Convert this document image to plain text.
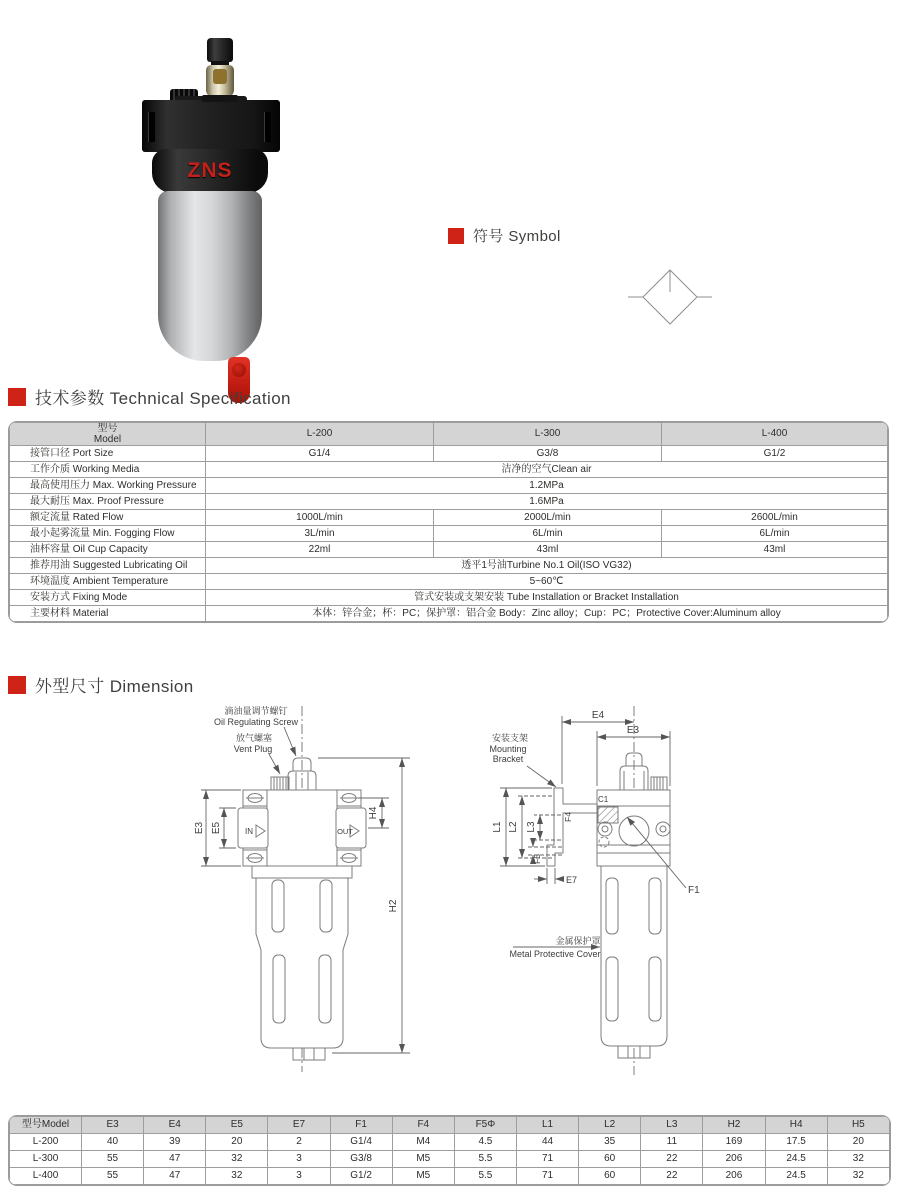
ZNS
符号 Symbol
技术参数 Technical Specification
型号
Model	L-200	L-300	L-400
接管口径 Port Size	G1/4	G3/8	G1/2
工作介质 Working Media	洁净的空气Clean air		
最高使用压力 Max. Working Pressure	1.2MPa		
最大耐压 Max. Proof Pressure	1.6MPa		
额定流量 Rated Flow	1000L/min	2000L/min	2600L/min
最小起雾流量 Min. Fogging Flow	3L/min	6L/min	6L/min
油杯容量 Oil Cup Capacity	22ml	43ml	43ml
推荐用油 Suggested Lubricating Oil	透平1号油Turbine No.1 Oil(ISO VG32)		
环境温度 Ambient Temperature	5~60℃		
安装方式 Fixing Mode	管式安装或支架安装 Tube Installation or Bracket Installation		
主要材料 Material	本体：锌合金；杯：PC；保护罩：铝合金 Body：Zinc alloy；Cup：PC；Protective Cover:Aluminum alloy		
外型尺寸 Dimension
滴油量调节螺钉
Oil Regulating Screw
放气螺塞
Vent Plug
IN	OUT
E3 E5
H4
H2
E4
E3
安装支架
Mounting
Bracket
L1 L2 L3
F4
F5
E7
C1
F1
金属保护罩
Metal Protective Cover
型号Model	E3	E4	E5	E7	F1	F4	F5Φ	L1	L2	L3	H2	H4	H5
L-200	40	39	20	2	G1/4	M4	4.5	44	35	11	169	17.5	20
L-300	55	47	32	3	G3/8	M5	5.5	71	60	22	206	24.5	32
L-400	55	47	32	3	G1/2	M5	5.5	71	60	22	206	24.5	32
